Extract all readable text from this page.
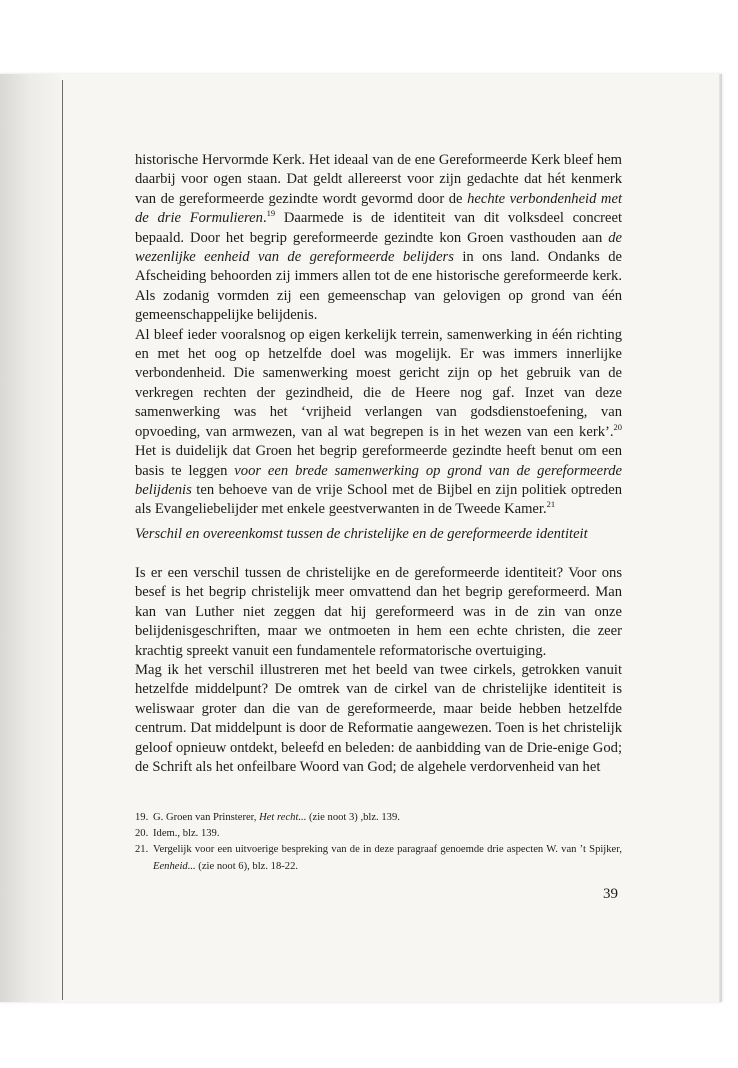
historische Hervormde Kerk. Het ideaal van de ene Gereformeerde Kerk bleef hem daarbij voor ogen staan. Dat geldt allereerst voor zijn gedachte dat hét kenmerk van de gereformeerde gezindte wordt gevormd door de hechte verbondenheid met de drie Formulieren.$^{19}$ Daarmede is de identiteit van dit volksdeel concreet bepaald. Door het begrip gereformeerde gezindte kon Groen vasthouden aan de wezenlijke eenheid van de gereformeerde belijders in ons land. Ondanks de Afscheiding behoorden zij immers allen tot de ene historische gereformeerde kerk. Als zodanig vormden zij een gemeenschap van gelovigen op grond van één gemeenschappelijke belijdenis.

Al bleef ieder vooralsnog op eigen kerkelijk terrein, samenwerking in één richting en met het oog op hetzelfde doel was mogelijk. Er was immers innerlijke verbondenheid. Die samenwerking moest gericht zijn op het gebruik van de verkregen rechten der gezindheid, die de Heere nog gaf. Inzet van deze samenwerking was het ‘vrijheid verlangen van godsdienstoefening, van opvoeding, van armwezen, van al wat begrepen is in het wezen van een kerk’.$^{20}$ Het is duidelijk dat Groen het begrip gereformeerde gezindte heeft benut om een basis te leggen voor een brede samenwerking op grond van de gereformeerde belijdenis ten behoeve van de vrije School met de Bijbel en zijn politiek optreden als Evangeliebelijder met enkele geestverwanten in de Tweede Kamer.$^{21}$

Verschil en overeenkomst tussen de christelijke en de gereformeerde identiteit

Is er een verschil tussen de christelijke en de gereformeerde identiteit? Voor ons besef is het begrip christelijk meer omvattend dan het begrip gereformeerd. Man kan van Luther niet zeggen dat hij gereformeerd was in de zin van onze belijdenisgeschriften, maar we ontmoeten in hem een echte christen, die zeer krachtig spreekt vanuit een fundamentele reformatorische overtuiging.

Mag ik het verschil illustreren met het beeld van twee cirkels, getrokken vanuit hetzelfde middelpunt? De omtrek van de cirkel van de christelijke identiteit is weliswaar groter dan die van de gereformeerde, maar beide hebben hetzelfde centrum. Dat middelpunt is door de Reformatie aangewezen. Toen is het christelijk geloof opnieuw ontdekt, beleefd en beleden: de aanbidding van de Drie-enige God; de Schrift als het onfeilbare Woord van God; de algehele verdorvenheid van het

19. G. Groen van Prinsterer, Het recht... (zie noot 3) ,blz. 139.
20. Idem., blz. 139.
21. Vergelijk voor een uitvoerige bespreking van de in deze paragraaf genoemde drie aspecten W. van ’t Spijker, Eenheid... (zie noot 6), blz. 18-22.
39
